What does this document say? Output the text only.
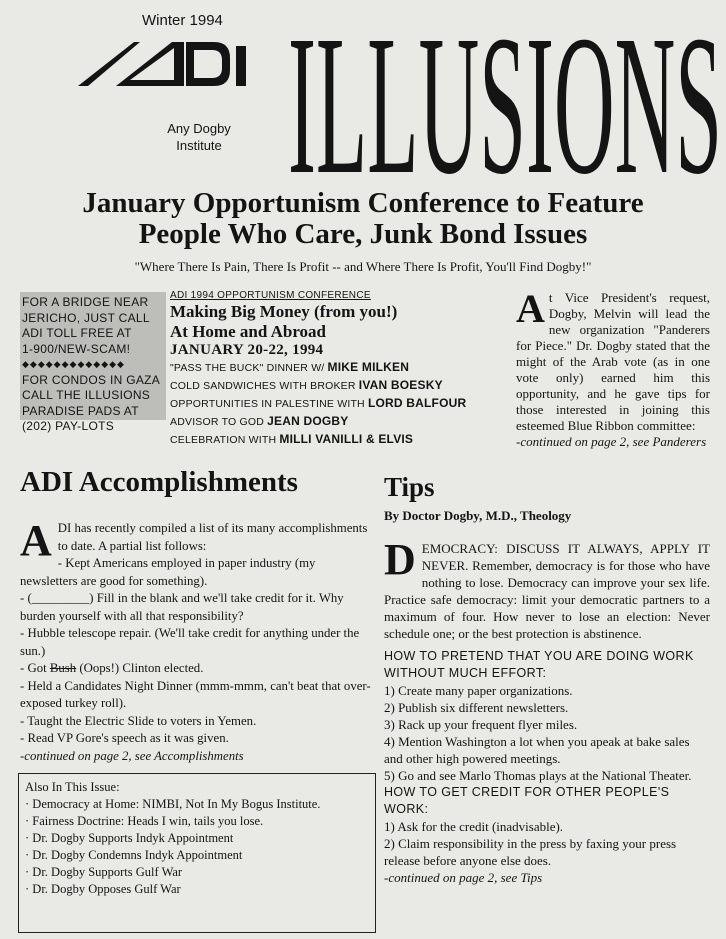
Winter 1994
Any Dogby
Institute ILLUSIONS
January Opportunism Conference to Feature
People Who Care, Junk Bond Issues
"Where There Is Pain, There Is Profit -- and Where There Is Profit, You'll Find Dogby!"
FOR A BRIDGE NEAR
JERICHO, JUST CALL
ADI TOLL FREE AT
1-900/NEW-SCAM!
◆◆◆◆◆◆◆◆◆◆◆◆◆
FOR CONDOS IN GAZA
CALL THE ILLUSIONS
PARADISE PADS AT
(202) PAY-LOTS
ADI 1994 OPPORTUNISM CONFERENCE
Making Big Money (from you!)
At Home and Abroad
JANUARY 20-22, 1994
"PASS THE BUCK" DINNER W/ MIKE MILKEN
COLD SANDWICHES WITH BROKER IVAN BOESKY
OPPORTUNITIES IN PALESTINE WITH LORD BALFOUR
ADVISOR TO GOD JEAN DOGBY
CELEBRATION WITH MILLI VANILLI & ELVIS
A t Vice President's request, Dogby, Melvin will lead the new organization "Panderers for Piece." Dr. Dogby stated that the might of the Arab vote (as in one vote only) earned him this opportunity, and he gave tips for those interested in joining this esteemed Blue Ribbon committee:
-continued on page 2, see Panderers
ADI Accomplishments
A DI has recently compiled a list of its many accomplishments to date. A partial list follows:

- Kept Americans employed in paper industry (my newsletters are good for something).

- (_________) Fill in the blank and we'll take credit for it. Why burden yourself with all that responsibility?

- Hubble telescope repair. (We'll take credit for anything under the sun.)

- Got Bush (Oops!) Clinton elected.

- Held a Candidates Night Dinner (mmm-mmm, can't beat that over-exposed turkey roll).

- Taught the Electric Slide to voters in Yemen.

- Read VP Gore's speech as it was given.

-continued on page 2, see Accomplishments

Also In This Issue:
· Democracy at Home: NIMBI, Not In My Bogus Institute.
· Fairness Doctrine: Heads I win, tails you lose.
· Dr. Dogby Supports Indyk Appointment
· Dr. Dogby Condemns Indyk Appointment
· Dr. Dogby Supports Gulf War
· Dr. Dogby Opposes Gulf War
Tips
By Doctor Dogby, M.D., Theology
D EMOCRACY: DISCUSS IT ALWAYS, APPLY IT NEVER. Remember, democracy is for those who have nothing to lose. Democracy can improve your sex life. Practice safe democracy: limit your democratic partners to a maximum of four. How never to lose an election: Never schedule one; or the best protection is abstinence.
HOW TO PRETEND THAT YOU ARE DOING WORK WITHOUT MUCH EFFORT:
1) Create many paper organizations.
2) Publish six different newsletters.
3) Rack up your frequent flyer miles.
4) Mention Washington a lot when you apeak at bake sales and other high powered meetings.
5) Go and see Marlo Thomas plays at the National Theater.
HOW TO GET CREDIT FOR OTHER PEOPLE'S WORK:
1) Ask for the credit (inadvisable).
2) Claim responsibility in the press by faxing your press release before anyone else does.
-continued on page 2, see Tips
